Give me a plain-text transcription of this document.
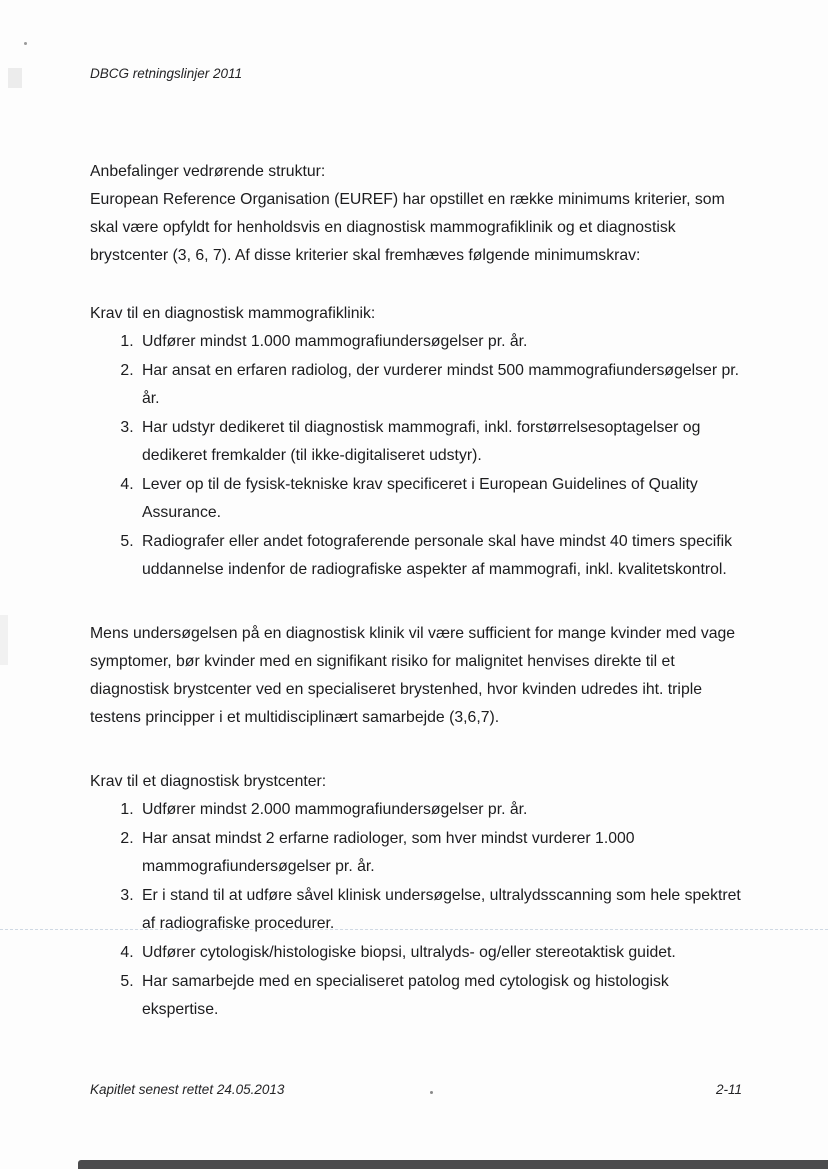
DBCG retningslinjer 2011

Anbefalinger vedrørende struktur:

European Reference Organisation (EUREF) har opstillet en række minimums kriterier, som skal være opfyldt for henholdsvis en diagnostisk mammografiklinik og et diagnostisk brystcenter (3, 6, 7). Af disse kriterier skal fremhæves følgende minimumskrav:

Krav til en diagnostisk mammografiklinik:

1. Udfører mindst 1.000 mammografiundersøgelser pr. år.
2. Har ansat en erfaren radiolog, der vurderer mindst 500 mammografiundersøgelser pr. år.
3. Har udstyr dedikeret til diagnostisk mammografi, inkl. forstørrelsesoptagelser og dedikeret fremkalder (til ikke-digitaliseret udstyr).
4. Lever op til de fysisk-tekniske krav specificeret i European Guidelines of Quality Assurance.
5. Radiografer eller andet fotograferende personale skal have mindst 40 timers specifik uddannelse indenfor de radiografiske aspekter af mammografi, inkl. kvalitetskontrol.

Mens undersøgelsen på en diagnostisk klinik vil være sufficient for mange kvinder med vage symptomer, bør kvinder med en signifikant risiko for malignitet henvises direkte til et diagnostisk brystcenter ved en specialiseret brystenhed, hvor kvinden udredes iht. triple testens principper i et multidisciplinært samarbejde (3,6,7).

Krav til et diagnostisk brystcenter:

1. Udfører mindst 2.000 mammografiundersøgelser pr. år.
2. Har ansat mindst 2 erfarne radiologer, som hver mindst vurderer 1.000 mammografiundersøgelser pr. år.
3. Er i stand til at udføre såvel klinisk undersøgelse, ultralydsscanning som hele spektret af radiografiske procedurer.
4. Udfører cytologisk/histologiske biopsi, ultralyds- og/eller stereotaktisk guidet.
5. Har samarbejde med en specialiseret patolog med cytologisk og histologisk ekspertise.
Kapitlet senest rettet 24.05.2013	2-11
